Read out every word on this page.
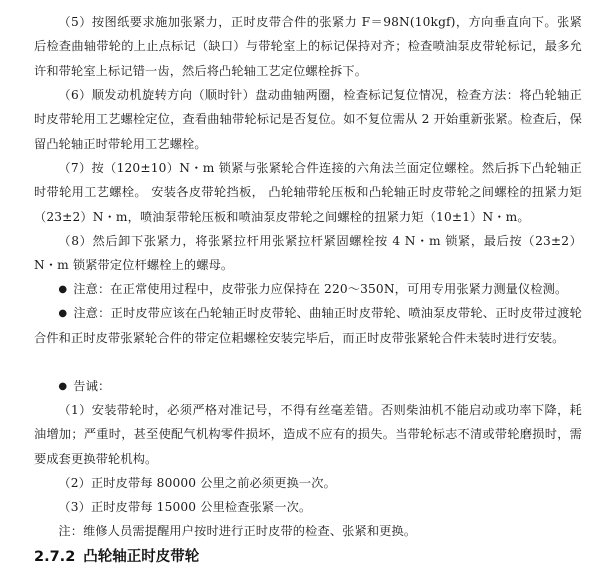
（5）按图纸要求施加张紧力，正时皮带合件的张紧力 F＝98N(10kgf)，方向垂直向下。张紧后检查曲轴带轮的上止点标记（缺口）与带轮室上的标记保持对齐；检查喷油泵皮带轮标记，最多允许和带轮室上标记错一齿，然后将凸轮轴工艺定位螺栓拆下。

（6）顺发动机旋转方向（顺时针）盘动曲轴两圈，检查标记复位情况，检查方法：将凸轮轴正时皮带轮用工艺螺栓定位，查看曲轴带轮标记是否复位。如不复位需从 2 开始重新张紧。检查后，保留凸轮轴正时带轮用工艺螺栓。

（7）按（120±10）N・m 锁紧与张紧轮合件连接的六角法兰面定位螺栓。然后拆下凸轮轴正时带轮用工艺螺栓。 安装各皮带轮挡板， 凸轮轴带轮压板和凸轮轴正时皮带轮之间螺栓的扭紧力矩 （23±2）N・m，喷油泵带轮压板和喷油泵皮带轮之间螺栓的扭紧力矩（10±1）N・m。

（8）然后卸下张紧力，将张紧拉杆用张紧拉杆紧固螺栓按 4 N・m 锁紧，最后按（23±2）N・m 锁紧带定位杆螺栓上的螺母。

● 注意：在正常使用过程中，皮带张力应保持在 220～350N，可用专用张紧力测量仪检测。

● 注意：正时皮带应该在凸轮轴正时皮带轮、曲轴正时皮带轮、喷油泵皮带轮、正时皮带过渡轮合件和正时皮带张紧轮合件的带定位耜螺栓安装完毕后，而正时皮带张紧轮合件未装时进行安装。

● 告诫：

（1）安装带轮时，必须严格对准记号，不得有丝毫差错。否则柴油机不能启动或功率下降，耗油增加；严重时，甚至使配气机构零件损坏，造成不应有的损失。当带轮标志不清或带轮磨损时，需要成套更换带轮机构。

（2）正时皮带每 80000 公里之前必须更换一次。

（3）正时皮带每 15000 公里检查张紧一次。

注：维修人员需提醒用户按时进行正时皮带的检查、张紧和更换。

2.7.2 凸轮轴正时皮带轮
